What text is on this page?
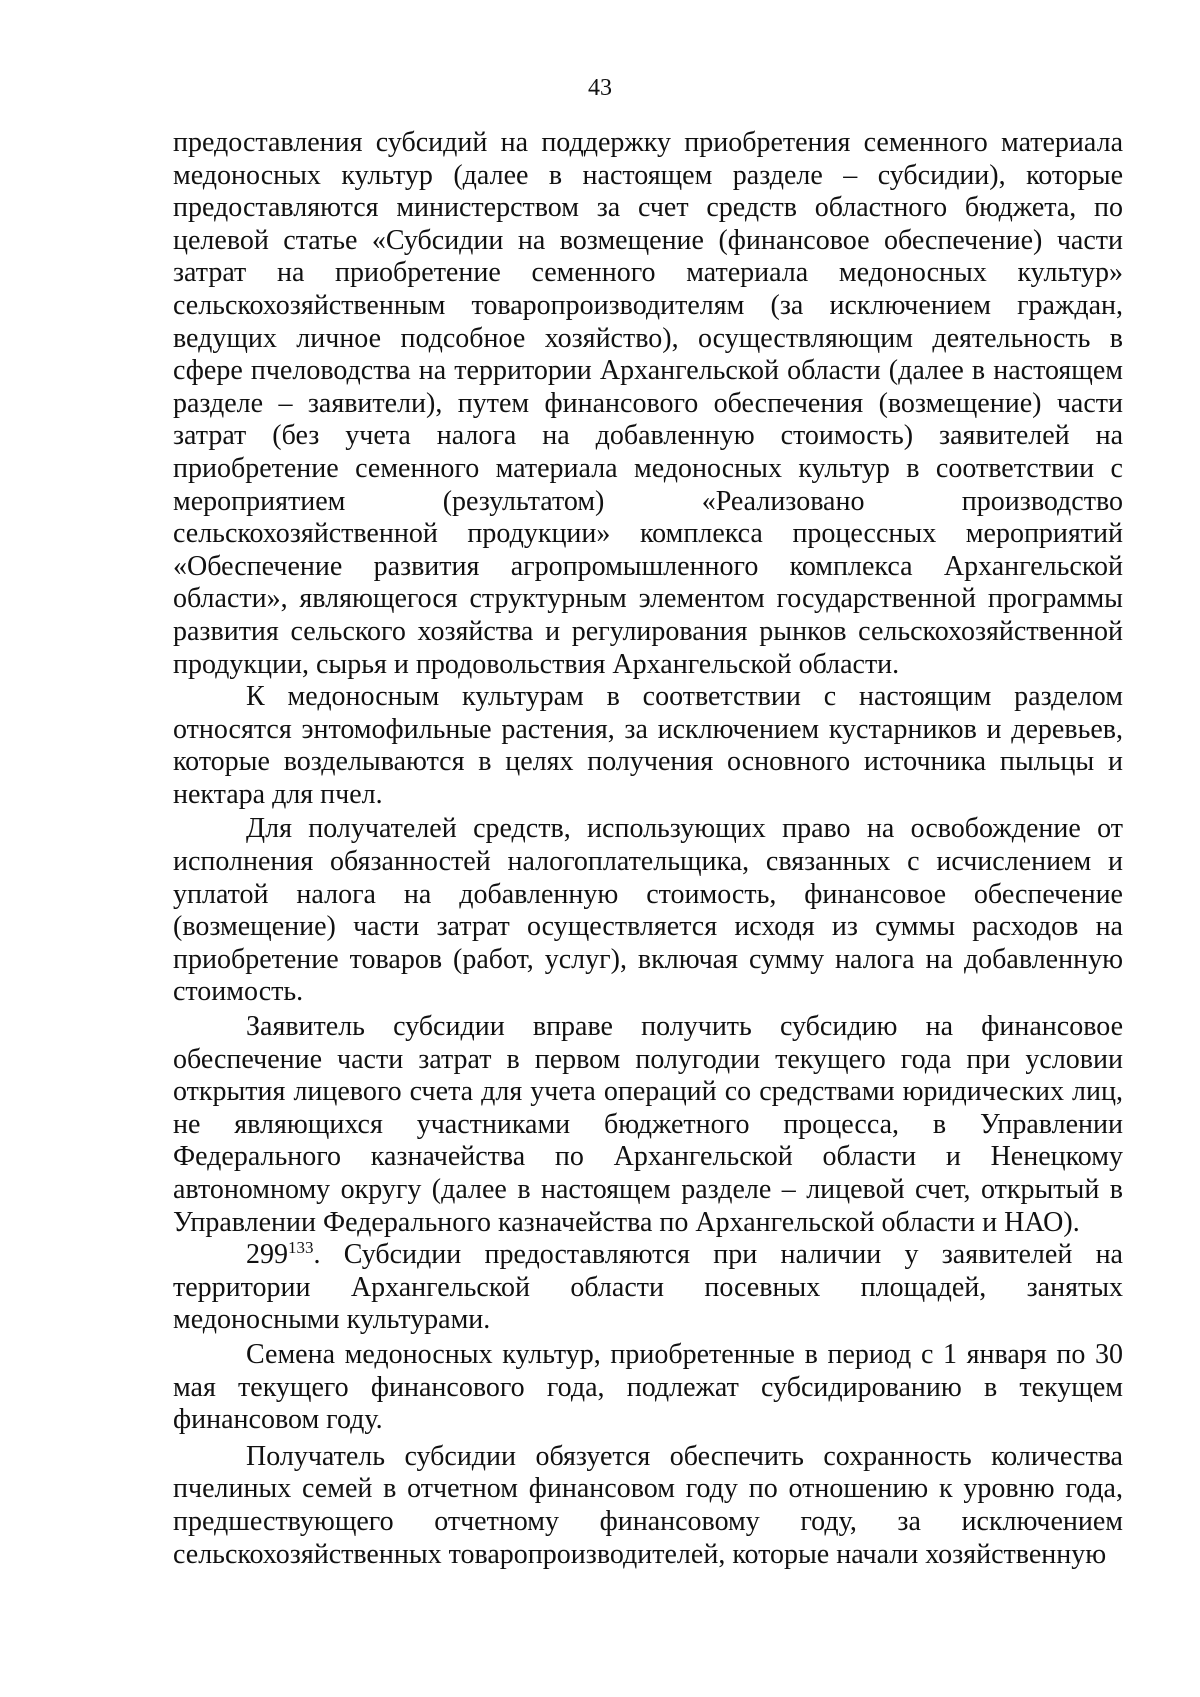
43

предоставления субсидий на поддержку приобретения семенного материала медоносных культур (далее в настоящем разделе – субсидии), которые предоставляются министерством за счет средств областного бюджета, по целевой статье «Субсидии на возмещение (финансовое обеспечение) части затрат на приобретение семенного материала медоносных культур» сельскохозяйственным товаропроизводителям (за исключением граждан, ведущих личное подсобное хозяйство), осуществляющим деятельность в сфере пчеловодства на территории Архангельской области (далее в настоящем разделе – заявители), путем финансового обеспечения (возмещение) части затрат (без учета налога на добавленную стоимость) заявителей на приобретение семенного материала медоносных культур в соответствии с мероприятием (результатом) «Реализовано производство сельскохозяйственной продукции» комплекса процессных мероприятий «Обеспечение развития агропромышленного комплекса Архангельской области», являющегося структурным элементом государственной программы развития сельского хозяйства и регулирования рынков сельскохозяйственной продукции, сырья и продовольствия Архангельской области.

К медоносным культурам в соответствии с настоящим разделом относятся энтомофильные растения, за исключением кустарников и деревьев, которые возделываются в целях получения основного источника пыльцы и нектара для пчел.

Для получателей средств, использующих право на освобождение от исполнения обязанностей налогоплательщика, связанных с исчислением и уплатой налога на добавленную стоимость, финансовое обеспечение (возмещение) части затрат осуществляется исходя из суммы расходов на приобретение товаров (работ, услуг), включая сумму налога на добавленную стоимость.

Заявитель субсидии вправе получить субсидию на финансовое обеспечение части затрат в первом полугодии текущего года при условии открытия лицевого счета для учета операций со средствами юридических лиц, не являющихся участниками бюджетного процесса, в Управлении Федерального казначейства по Архангельской области и Ненецкому автономному округу (далее в настоящем разделе – лицевой счет, открытый в Управлении Федерального казначейства по Архангельской области и НАО).

$299^{133}$. Субсидии предоставляются при наличии у заявителей на территории Архангельской области посевных площадей, занятых медоносными культурами.

Семена медоносных культур, приобретенные в период с 1 января по 30 мая текущего финансового года, подлежат субсидированию в текущем финансовом году.

Получатель субсидии обязуется обеспечить сохранность количества пчелиных семей в отчетном финансовом году по отношению к уровню года, предшествующего отчетному финансовому году, за исключением сельскохозяйственных товаропроизводителей, которые начали хозяйственную
